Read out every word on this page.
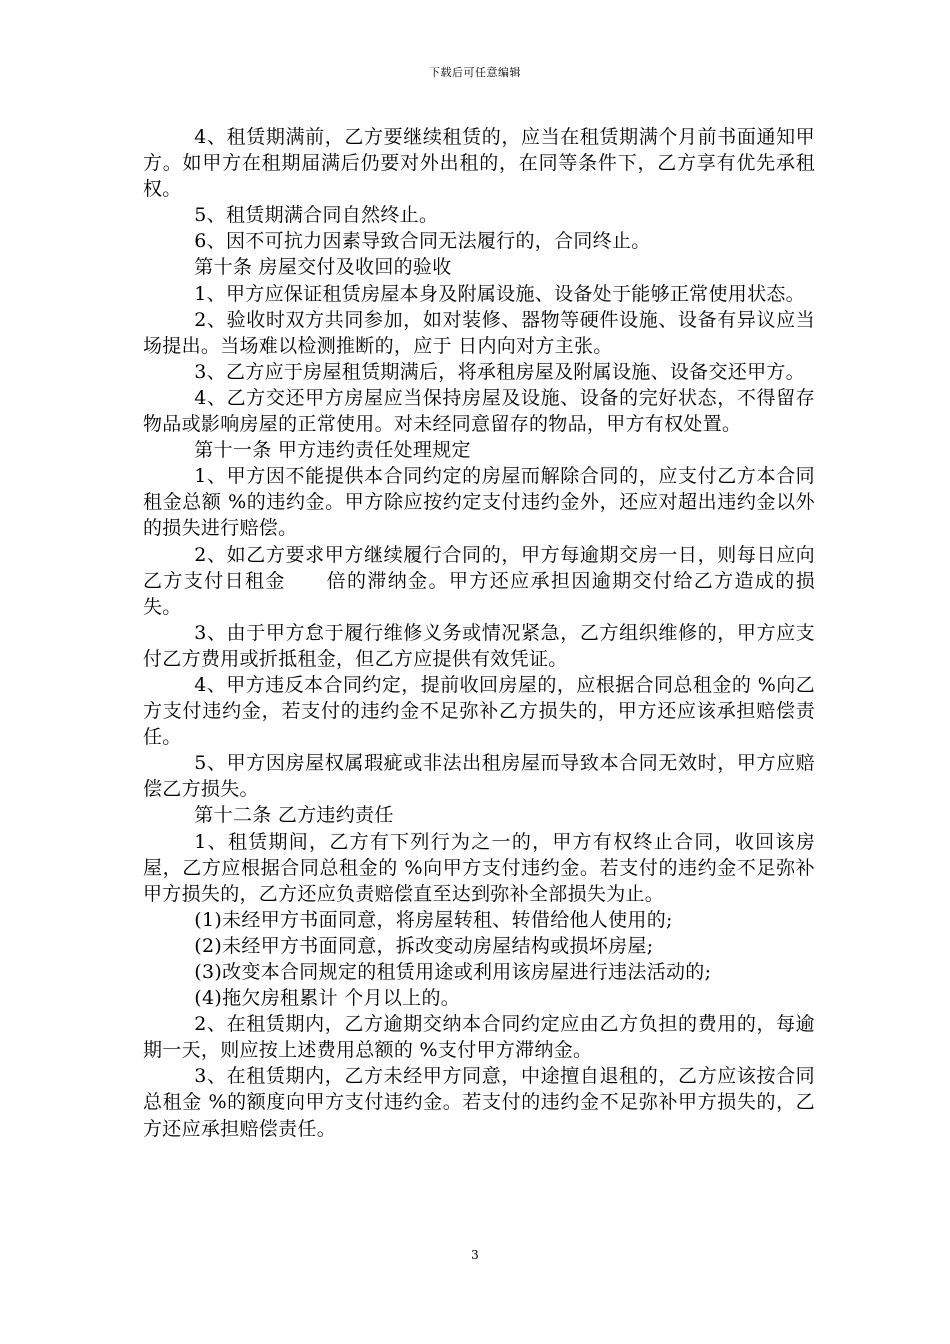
下载后可任意编辑

4、租赁期满前，乙方要继续租赁的，应当在租赁期满个月前书面通知甲方。如甲方在租期届满后仍要对外出租的，在同等条件下，乙方享有优先承租权。

5、租赁期满合同自然终止。

6、因不可抗力因素导致合同无法履行的，合同终止。

第十条 房屋交付及收回的验收

1、甲方应保证租赁房屋本身及附属设施、设备处于能够正常使用状态。

2、验收时双方共同参加，如对装修、器物等硬件设施、设备有异议应当场提出。当场难以检测推断的，应于 日内向对方主张。

3、乙方应于房屋租赁期满后，将承租房屋及附属设施、设备交还甲方。

4、乙方交还甲方房屋应当保持房屋及设施、设备的完好状态，不得留存物品或影响房屋的正常使用。对未经同意留存的物品，甲方有权处置。

第十一条 甲方违约责任处理规定

1、甲方因不能提供本合同约定的房屋而解除合同的，应支付乙方本合同租金总额 %的违约金。甲方除应按约定支付违约金外，还应对超出违约金以外的损失进行赔偿。

2、如乙方要求甲方继续履行合同的，甲方每逾期交房一日，则每日应向乙方支付日租金　　倍的滞纳金。甲方还应承担因逾期交付给乙方造成的损失。

3、由于甲方怠于履行维修义务或情况紧急，乙方组织维修的，甲方应支付乙方费用或折抵租金，但乙方应提供有效凭证。

4、甲方违反本合同约定，提前收回房屋的，应根据合同总租金的 %向乙方支付违约金，若支付的违约金不足弥补乙方损失的，甲方还应该承担赔偿责任。

5、甲方因房屋权属瑕疵或非法出租房屋而导致本合同无效时，甲方应赔偿乙方损失。

第十二条 乙方违约责任

1、租赁期间，乙方有下列行为之一的，甲方有权终止合同，收回该房屋，乙方应根据合同总租金的 %向甲方支付违约金。若支付的违约金不足弥补甲方损失的，乙方还应负责赔偿直至达到弥补全部损失为止。

(1)未经甲方书面同意，将房屋转租、转借给他人使用的;

(2)未经甲方书面同意，拆改变动房屋结构或损坏房屋;

(3)改变本合同规定的租赁用途或利用该房屋进行违法活动的;

(4)拖欠房租累计 个月以上的。

2、在租赁期内，乙方逾期交纳本合同约定应由乙方负担的费用的，每逾期一天，则应按上述费用总额的 %支付甲方滞纳金。

3、在租赁期内，乙方未经甲方同意，中途擅自退租的，乙方应该按合同总租金 %的额度向甲方支付违约金。若支付的违约金不足弥补甲方损失的，乙方还应承担赔偿责任。

3
